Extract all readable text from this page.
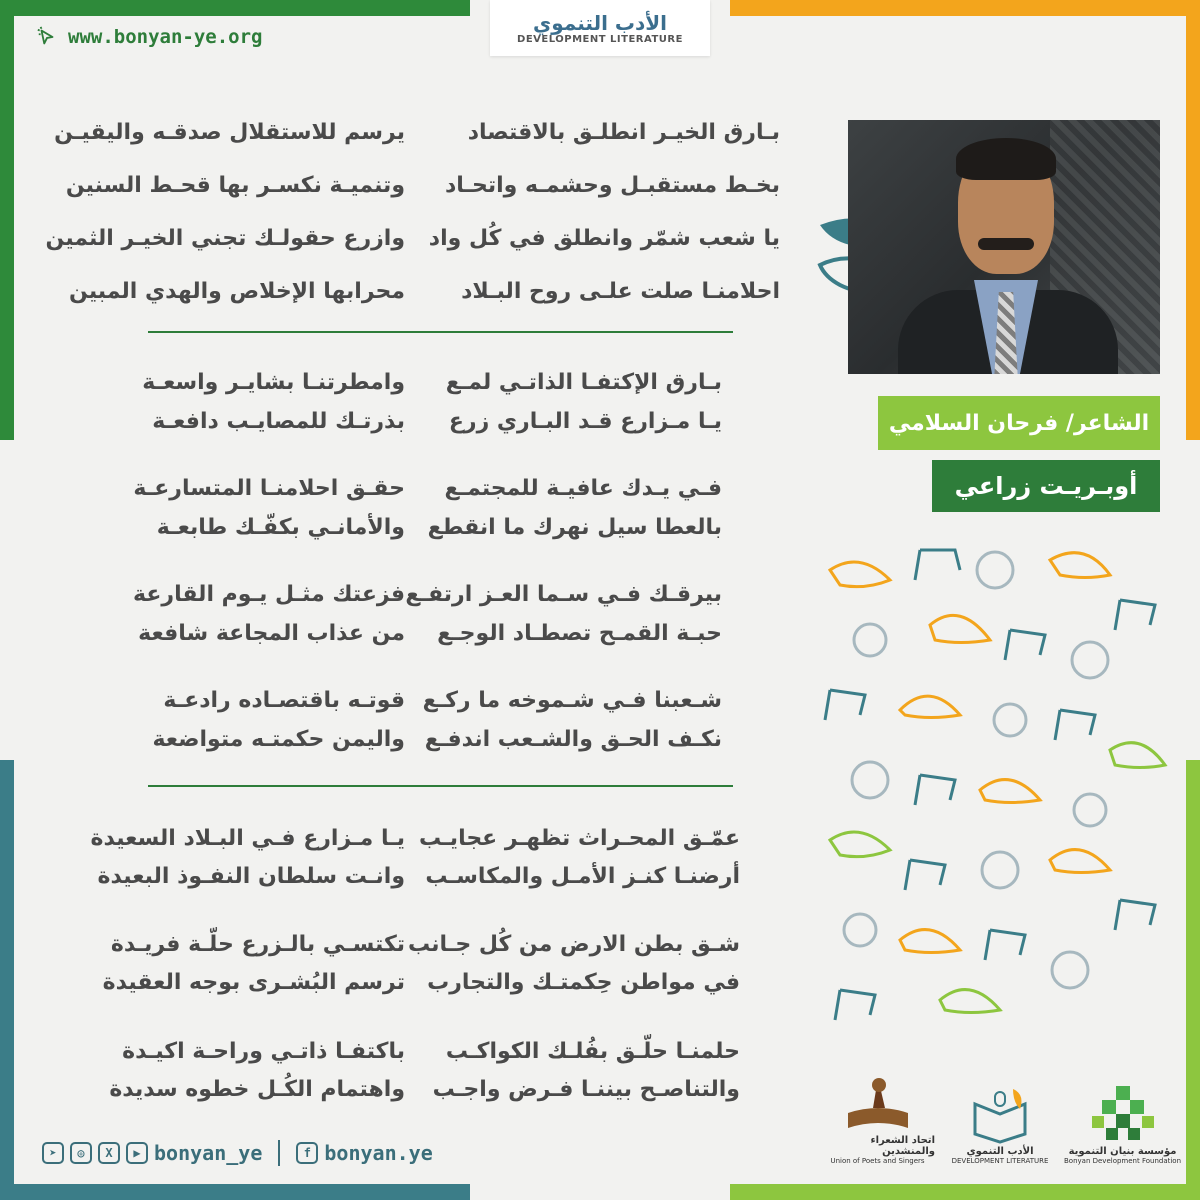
www.bonyan-ye.org
الأدب التنموي
DEVELOPMENT LITERATURE
بـارق الخيـر انطلـق بالاقتصاد
يرسم للاستقلال صدقـه واليقيـن
بخـط مستقبـل وحشمـه واتحـاد
وتنميـة نكسـر بها قحـط السنين
يا شعب شمّر وانطلق في كُل واد
وازرع حقولـك تجني الخيـر الثمين
احلامنـا صلت علـى روح البـلاد
محرابها الإخلاص والهدي المبين
بـارق الإكتفـا الذاتـي لمـع
وامطرتنـا بشايـر واسعـة
يـا مـزارع قـد البـاري زرع
بذرتـك للمصايـب دافعـة
فـي يـدك عافيـة للمجتمـع
حقـق احلامنـا المتسارعـة
بالعطا سيل نهرك ما انقطع
والأمانـي بكفّـك طابعـة
بيرقـك فـي سـما العـز ارتفـع
فزعتك مثـل يـوم القارعة
حبـة القمـح تصطـاد الوجـع
من عذاب المجاعة شافعة
شـعبنا فـي شـموخه ما ركـع
قوتـه باقتصـاده رادعـة
نكـف الحـق والشـعب اندفـع
واليمن حكمتـه متواضعة
عمّـق المحـراث تظهـر عجايـب
يـا مـزارع فـي البـلاد السعيدة
أرضنـا كنـز الأمـل والمكاسـب
وانـت سلطان النفـوذ البعيدة
شـق بطن الارض من كُل جـانب
تكتسـي بالـزرع حلّـة فريـدة
في مواطن حِكمتـك والتجارب
ترسم البُشـرى بوجه العقيدة
حلمنـا حلّـق بفُلـك الكواكـب
باكتفـا ذاتـي وراحـة اكيـدة
والتناصـح بيننـا فـرض واجـب
واهتمام الكُـل خطوه سديدة
الشاعر/ فرحان السلامي
أوبـريـت زراعي
اتحاد الشعراء والمنشدين
Union of Poets and Singers
الأدب التنموي
DEVELOPMENT LITERATURE
مؤسسة بنيان التنموية
Bonyan Development Foundation
➤	◎	X	▶ bonyan_ye	f bonyan.ye
